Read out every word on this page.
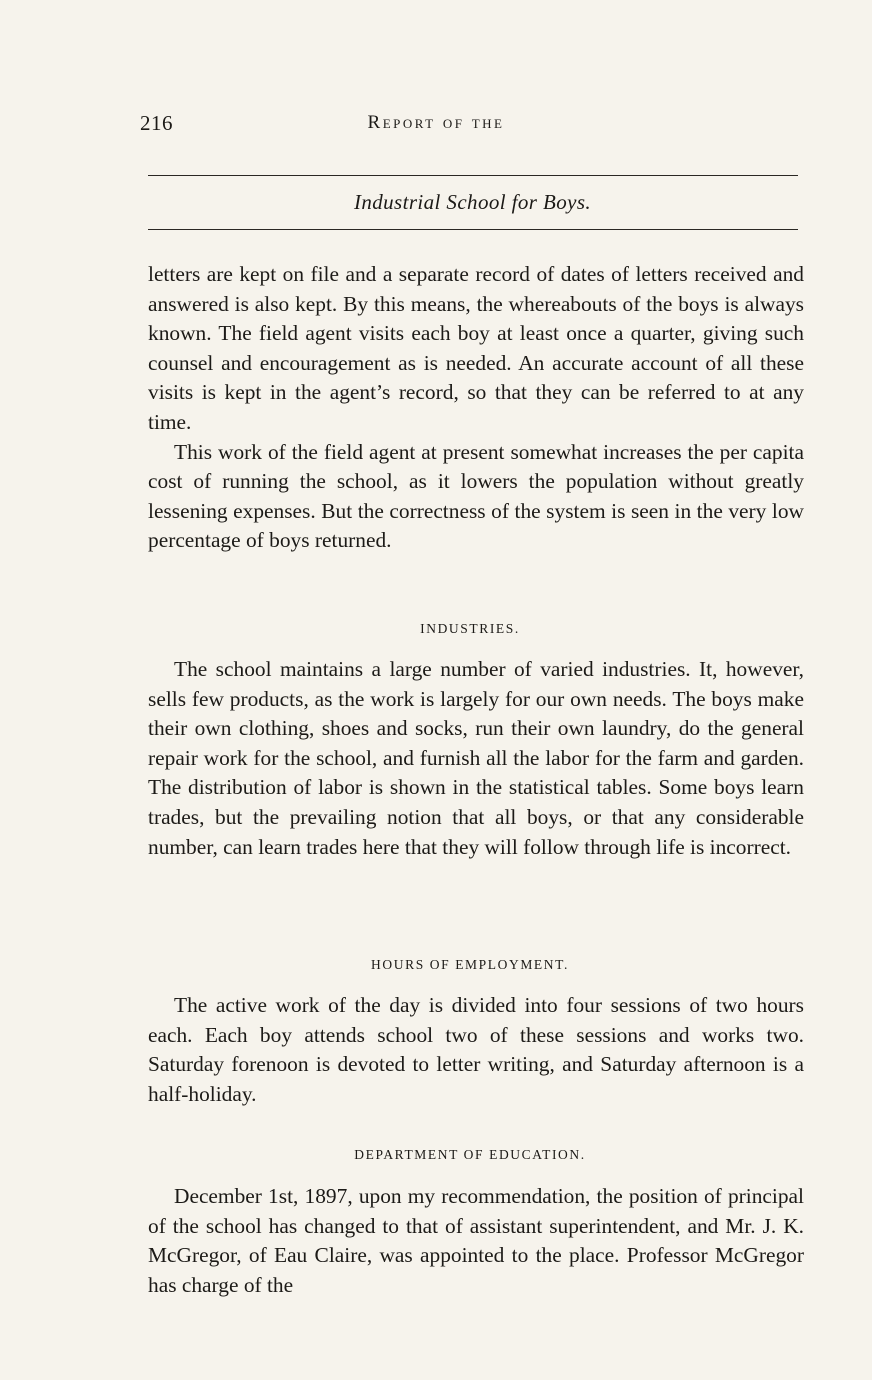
216	Report of the
Industrial School for Boys.

letters are kept on file and a separate record of dates of letters received and answered is also kept. By this means, the whereabouts of the boys is always known. The field agent visits each boy at least once a quarter, giving such counsel and encouragement as is needed. An accurate account of all these visits is kept in the agent’s record, so that they can be referred to at any time.

This work of the field agent at present somewhat increases the per capita cost of running the school, as it lowers the population without greatly lessening expenses. But the correctness of the system is seen in the very low percentage of boys returned.

INDUSTRIES.

The school maintains a large number of varied industries. It, however, sells few products, as the work is largely for our own needs. The boys make their own clothing, shoes and socks, run their own laundry, do the general repair work for the school, and furnish all the labor for the farm and garden. The distribution of labor is shown in the statistical tables. Some boys learn trades, but the prevailing notion that all boys, or that any considerable number, can learn trades here that they will follow through life is incorrect.

HOURS OF EMPLOYMENT.

The active work of the day is divided into four sessions of two hours each. Each boy attends school two of these sessions and works two. Saturday forenoon is devoted to letter writing, and Saturday afternoon is a half-holiday.

DEPARTMENT OF EDUCATION.

December 1st, 1897, upon my recommendation, the position of principal of the school has changed to that of assistant superintendent, and Mr. J. K. McGregor, of Eau Claire, was appointed to the place. Professor McGregor has charge of the
